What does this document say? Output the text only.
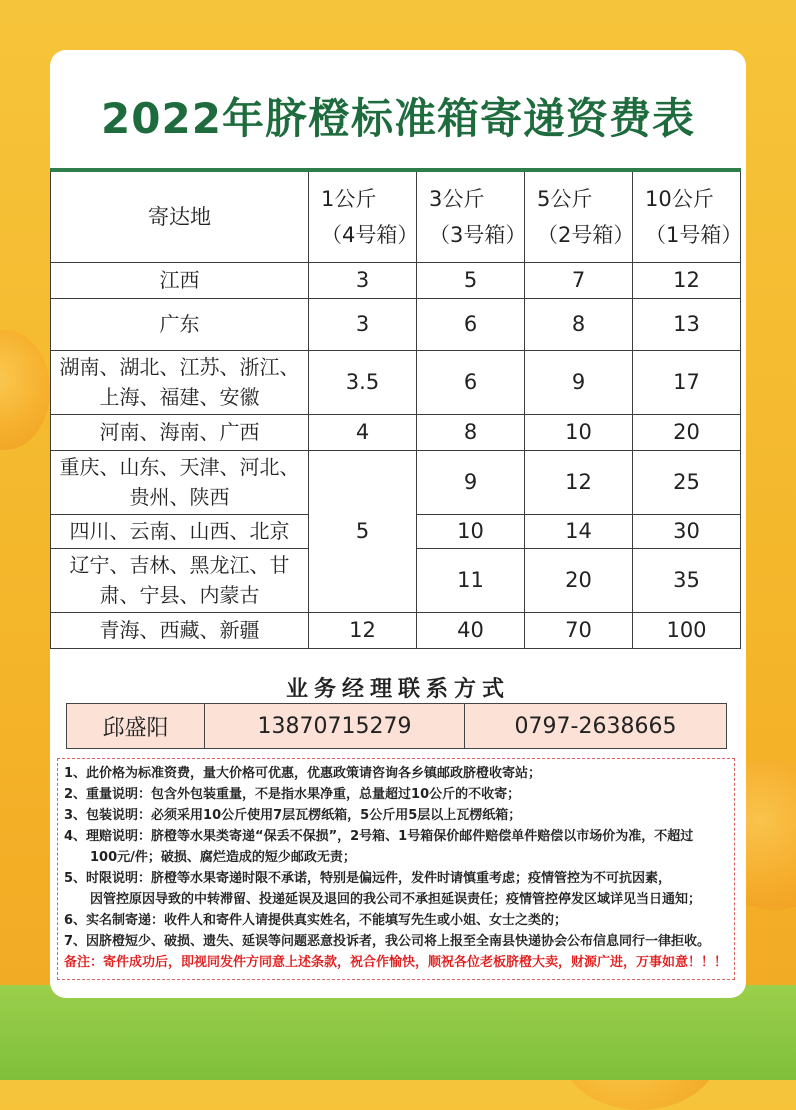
2022年脐橙标准箱寄递资费表
寄达地	1公斤 （4号箱）	3公斤 （3号箱）	5公斤 （2号箱）	10公斤 （1号箱）
江西	3	5	7	12
广东	3	6	8	13
湖南、湖北、江苏、浙江、上海、福建、安徽	3.5	6	9	17
河南、海南、广西	4	8	10	20
重庆、山东、天津、河北、贵州、陕西	5	9	12	25
四川、云南、山西、北京		10	14	30
辽宁、吉林、黑龙江、甘肃、宁县、内蒙古		11	20	35
青海、西藏、新疆	12	40	70	100
业务经理联系方式
邱盛阳	13870715279	0797-2638665
1、此价格为标准资费，量大价格可优惠，优惠政策请咨询各乡镇邮政脐橙收寄站；
2、重量说明：包含外包装重量，不是指水果净重，总量超过10公斤的不收寄；
3、包装说明：必须采用10公斤使用7层瓦楞纸箱，5公斤用5层以上瓦楞纸箱；
4、理赔说明：脐橙等水果类寄递“保丢不保损”，2号箱、1号箱保价邮件赔偿单件赔偿以市场价为准，不超过
100元/件；破损、腐烂造成的短少邮政无责；
5、时限说明：脐橙等水果寄递时限不承诺，特别是偏远件，发件时请慎重考虑；疫情管控为不可抗因素，
因管控原因导致的中转滞留、投递延误及退回的我公司不承担延误责任；疫情管控停发区域详见当日通知；
6、实名制寄递：收件人和寄件人请提供真实姓名，不能填写先生或小姐、女士之类的；
7、因脐橙短少、破损、遗失、延误等问题恶意投诉者，我公司将上报至全南县快递协会公布信息同行一律拒收。
备注：寄件成功后，即视同发件方同意上述条款，祝合作愉快，顺祝各位老板脐橙大卖，财源广进，万事如意！！！
